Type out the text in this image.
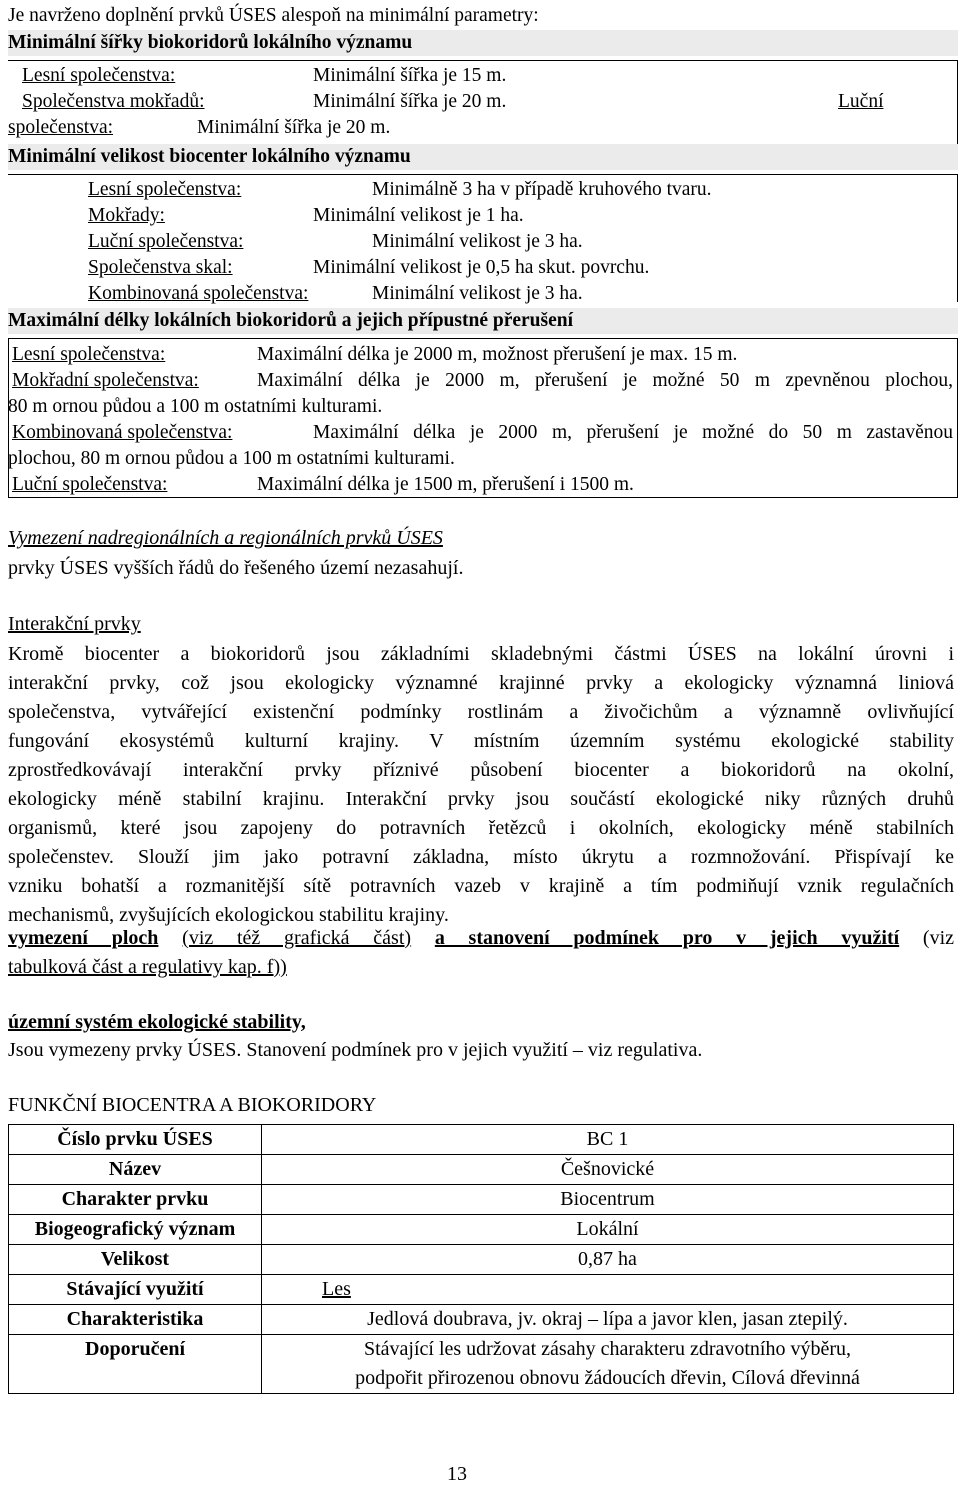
Je navrženo doplnění prvků ÚSES alespoň na minimální parametry:
Minimální šířky biokoridorů lokálního významu
Lesní společenstva:	Minimální šířka je 15 m.
Společenstva mokřadů:	Minimální šířka je 20 m.	Luční
společenstva:	Minimální šířka je 20 m.
Minimální velikost biocenter lokálního významu
Lesní společenstva:	Minimálně 3 ha v případě kruhového tvaru.
Mokřady:	Minimální velikost je 1 ha.
Luční společenstva:	Minimální velikost je 3 ha.
Společenstva skal:	Minimální velikost je 0,5 ha skut. povrchu.
Kombinovaná společenstva:	Minimální velikost je 3 ha.
Maximální délky lokálních biokoridorů a jejich přípustné přerušení
Lesní společenstva:	Maximální délka je 2000 m, možnost přerušení je max. 15 m.
Mokřadní společenstva:	Maximální délka je 2000 m, přerušení je možné 50 m zpevněnou plochou,
80 m ornou půdou a 100 m ostatními kulturami.
Kombinovaná společenstva:	Maximální délka je 2000 m, přerušení je možné do 50 m zastavěnou
plochou, 80 m ornou půdou a 100 m ostatními kulturami.
Luční společenstva:	Maximální délka je 1500 m, přerušení i 1500 m.
Vymezení nadregionálních a regionálních prvků ÚSES
prvky ÚSES vyšších řádů do řešeného území nezasahují.
Interakční prvky
Kromě biocenter a biokoridorů jsou základními skladebnými částmi ÚSES na lokální úrovni i
interakční prvky, což jsou ekologicky významné krajinné prvky a ekologicky významná liniová
společenstva, vytvářející existenční podmínky rostlinám a živočichům a významně ovlivňující
fungování ekosystémů kulturní krajiny. V místním územním systému ekologické stability
zprostředkovávají interakční prvky příznivé působení biocenter a biokoridorů na okolní,
ekologicky méně stabilní krajinu. Interakční prvky jsou součástí ekologické niky různých druhů
organismů, které jsou zapojeny do potravních řetězců i okolních, ekologicky méně stabilních
společenstev. Slouží jim jako potravní základna, místo úkrytu a rozmnožování. Přispívají ke
vzniku bohatší a rozmanitější sítě potravních vazeb v krajině a tím podmiňují vznik regulačních
mechanismů, zvyšujících ekologickou stabilitu krajiny.
vymezení ploch (viz též grafická část) a stanovení podmínek pro v jejich využití (viz
tabulková část a regulativy kap. f))
územní systém ekologické stability,
Jsou vymezeny prvky ÚSES. Stanovení podmínek pro v jejich využití – viz regulativa.
FUNKČNÍ BIOCENTRA A BIOKORIDORY
Číslo prvku ÚSES	BC 1
Název	Češnovické
Charakter prvku	Biocentrum
Biogeografický význam	Lokální
Velikost	0,87 ha
Stávající využití	Les
Charakteristika	Jedlová doubrava, jv. okraj – lípa a javor klen, jasan ztepilý.
Doporučení	Stávající les udržovat zásahy charakteru zdravotního výběru,
podpořit přirozenou obnovu žádoucích dřevin, Cílová dřevinná
13
